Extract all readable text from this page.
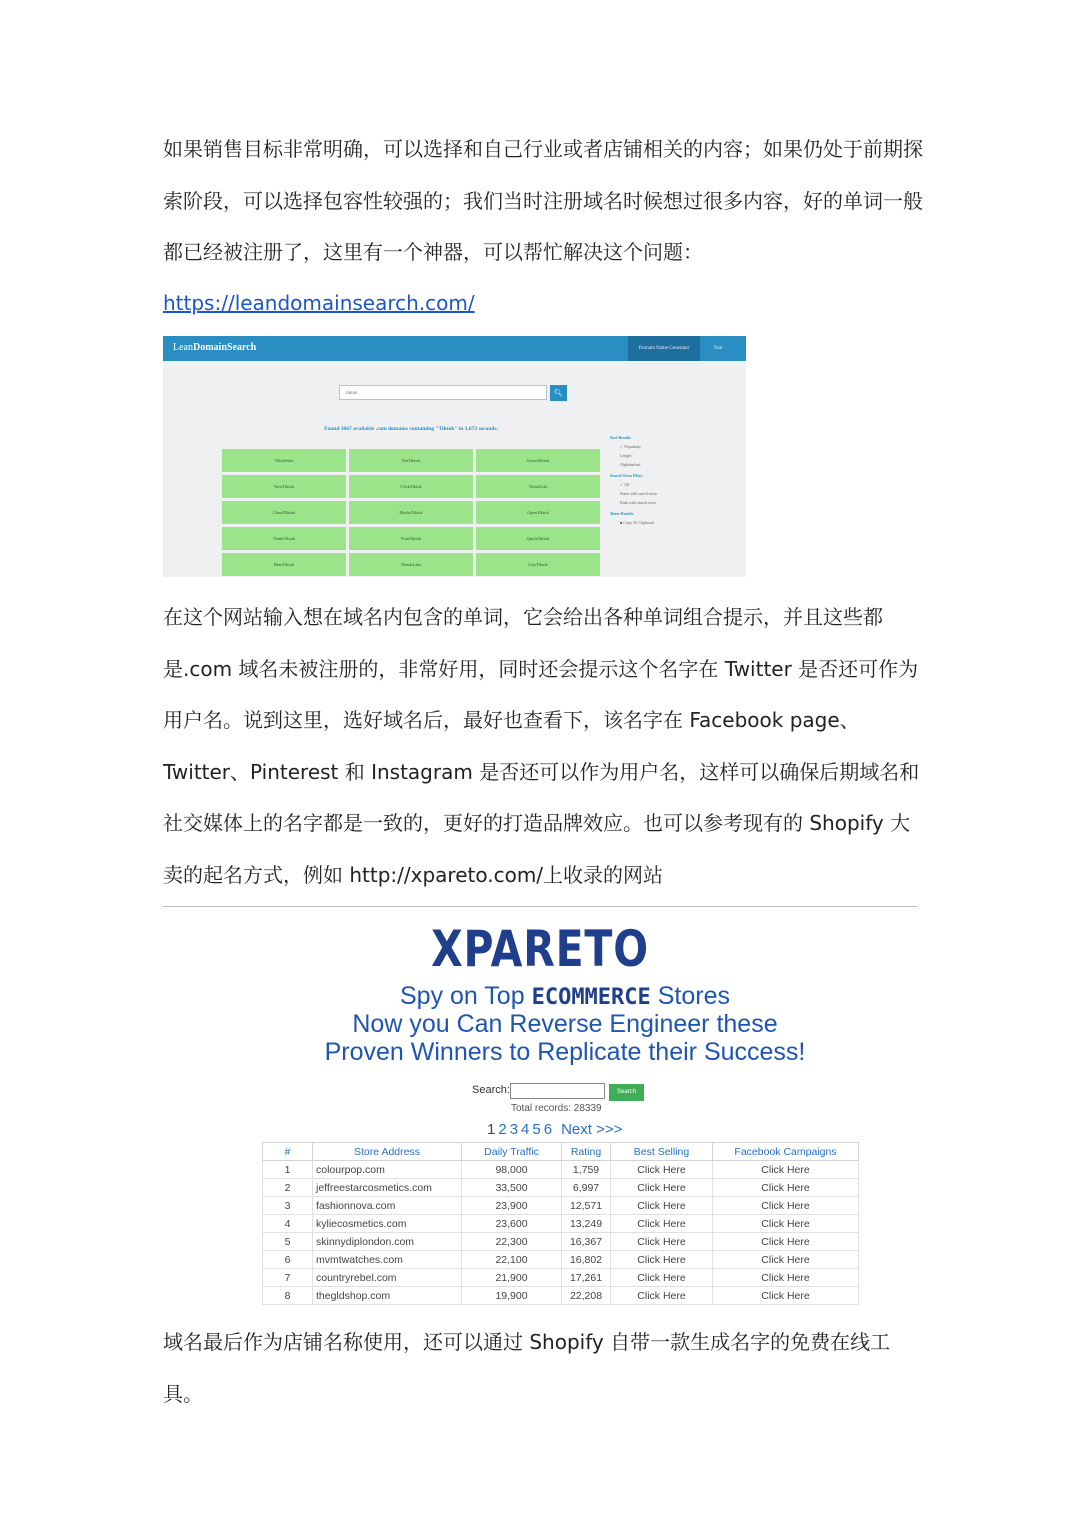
如果销售目标非常明确，可以选择和自己行业或者店铺相关的内容；如果仍处于前期探索阶段，可以选择包容性较强的；我们当时注册域名时候想过很多内容，好的单词一般都已经被注册了，这里有一个神器，可以帮忙解决这个问题：
https://leandomainsearch.com/
LeanDomainSearch	Domain Name Generator	Tour
tiktok	🔍︎
Found 3667 available .com domains containing "Tiktok" in 1.672 seconds.
TiktokSite	NetTiktok	GreenTiktok
NewTiktok	ClickTiktok	TiktokLab
CloudTiktok	MediaTiktok	OpenTiktok
ThinkTiktok	YourTiktok	QuickTiktok
BlueTiktok	TiktokLabs	CityTiktok
Sort Results
✓ Popularity
Length
Alphabetical
Search Term Filter
✓ All
Starts with search term
Ends with search term
Share Results
■ Copy To Clipboard
在这个网站输入想在域名内包含的单词，它会给出各种单词组合提示，并且这些都是.com 域名未被注册的，非常好用，同时还会提示这个名字在 Twitter 是否还可作为用户名。说到这里，选好域名后，最好也查看下，该名字在 Facebook page、Twitter、Pinterest 和 Instagram 是否还可以作为用户名，这样可以确保后期域名和社交媒体上的名字都是一致的，更好的打造品牌效应。也可以参考现有的 Shopify 大卖的起名方式，例如 http://xpareto.com/上收录的网站
XPARETO
Spy on Top ECOMMERCE Stores
Now you Can Reverse Engineer these
Proven Winners to Replicate their Success!
Search:	Search
Total records: 28339
1 2 3 4 5 6 Next >>>
#	Store Address	Daily Traffic	Rating	Best Selling	Facebook Campaigns
1	colourpop.com	98,000	1,759	Click Here	Click Here
2	jeffreestarcosmetics.com	33,500	6,997	Click Here	Click Here
3	fashionnova.com	23,900	12,571	Click Here	Click Here
4	kyliecosmetics.com	23,600	13,249	Click Here	Click Here
5	skinnydiplondon.com	22,300	16,367	Click Here	Click Here
6	mvmtwatches.com	22,100	16,802	Click Here	Click Here
7	countryrebel.com	21,900	17,261	Click Here	Click Here
8	thegldshop.com	19,900	22,208	Click Here	Click Here
域名最后作为店铺名称使用，还可以通过 Shopify 自带一款生成名字的免费在线工具。
